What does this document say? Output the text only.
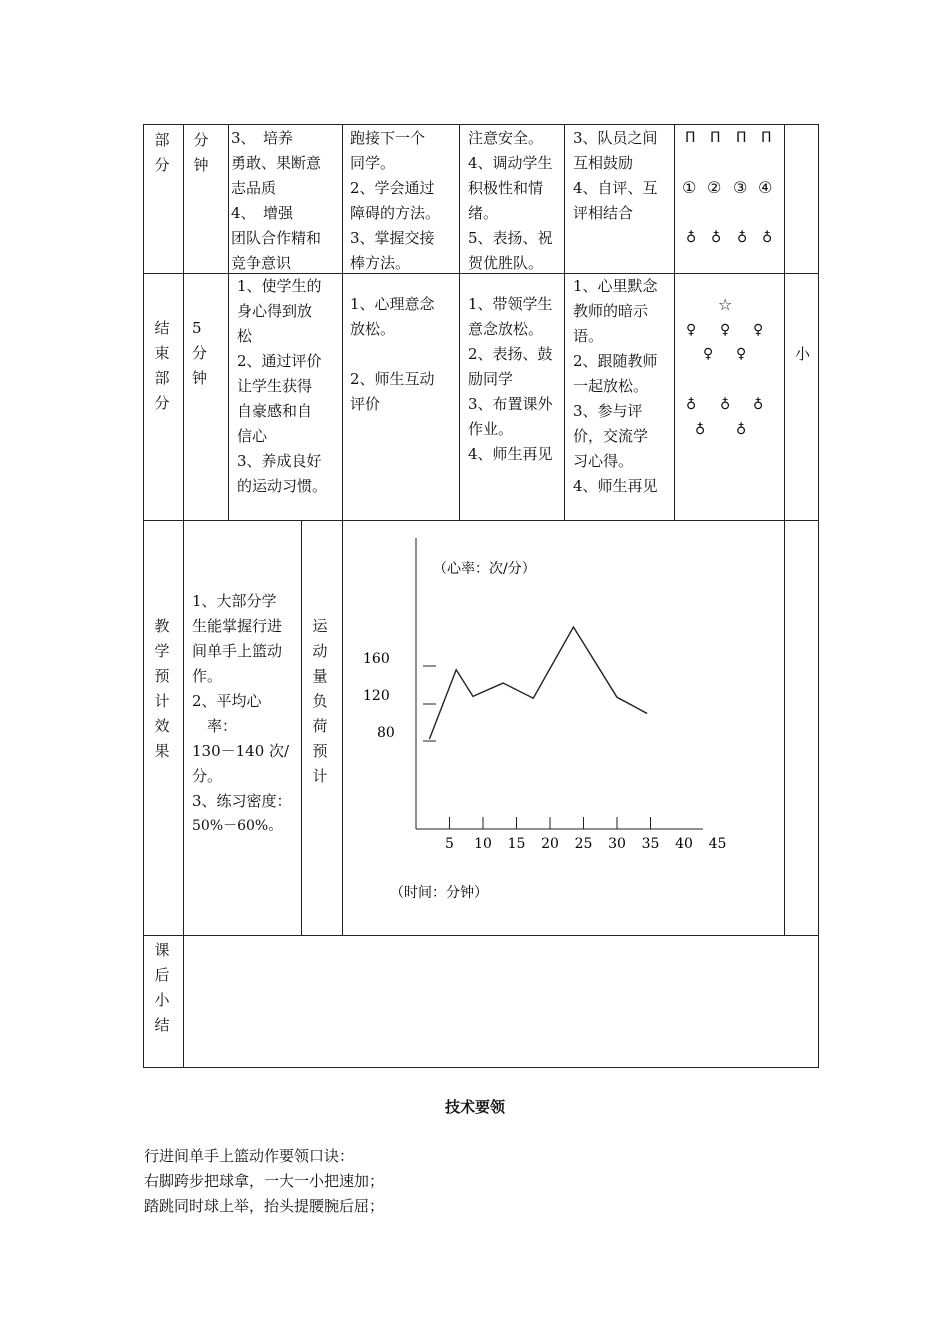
部分
分钟
3、　培养
勇敢、果断意
志品质
4、　增强
团队合作精和
竞争意识
跑接下一个
同学。
2、学会通过
障碍的方法。
3、掌握交接
棒方法。
注意安全。
4、调动学生
积极性和情
绪。
5、表扬、祝
贺优胜队。
3、队员之间
互相鼓励
4、自评、互
评相结合
Π Π Π Π
① ② ③ ④
♁ ♁ ♁ ♁
结束部分
5
分
钟
1、使学生的
身心得到放
松
2、通过评价
让学生获得
自豪感和自
信心
3、养成良好
的运动习惯。
1、心理意念
放松。
2、师生互动
评价
1、带领学生
意念放松。
2、表扬、鼓
励同学
3、布置课外
作业。
4、师生再见
1、心里默念
教师的暗示
语。
2、跟随教师
一起放松。
3、参与评
价，交流学
习心得。
4、师生再见
☆
♀ ♀ ♀
♀ ♀
♁ ♁ ♁
♁ ♁
小
教学预计效果
1、大部分学
生能掌握行进
间单手上篮动
作。
2、平均心
率：
130－140 次/
分。
3、练习密度：
50%－60%。
运动量负荷预计
（心率：次/分）
（时间：分钟）
160
120
80
5 10 15 20 25 30 35 40 45
课后小结
技术要领
行进间单手上篮动作要领口诀：
右脚跨步把球拿，一大一小把速加；
踏跳同时球上举，抬头提腰腕后屈；
